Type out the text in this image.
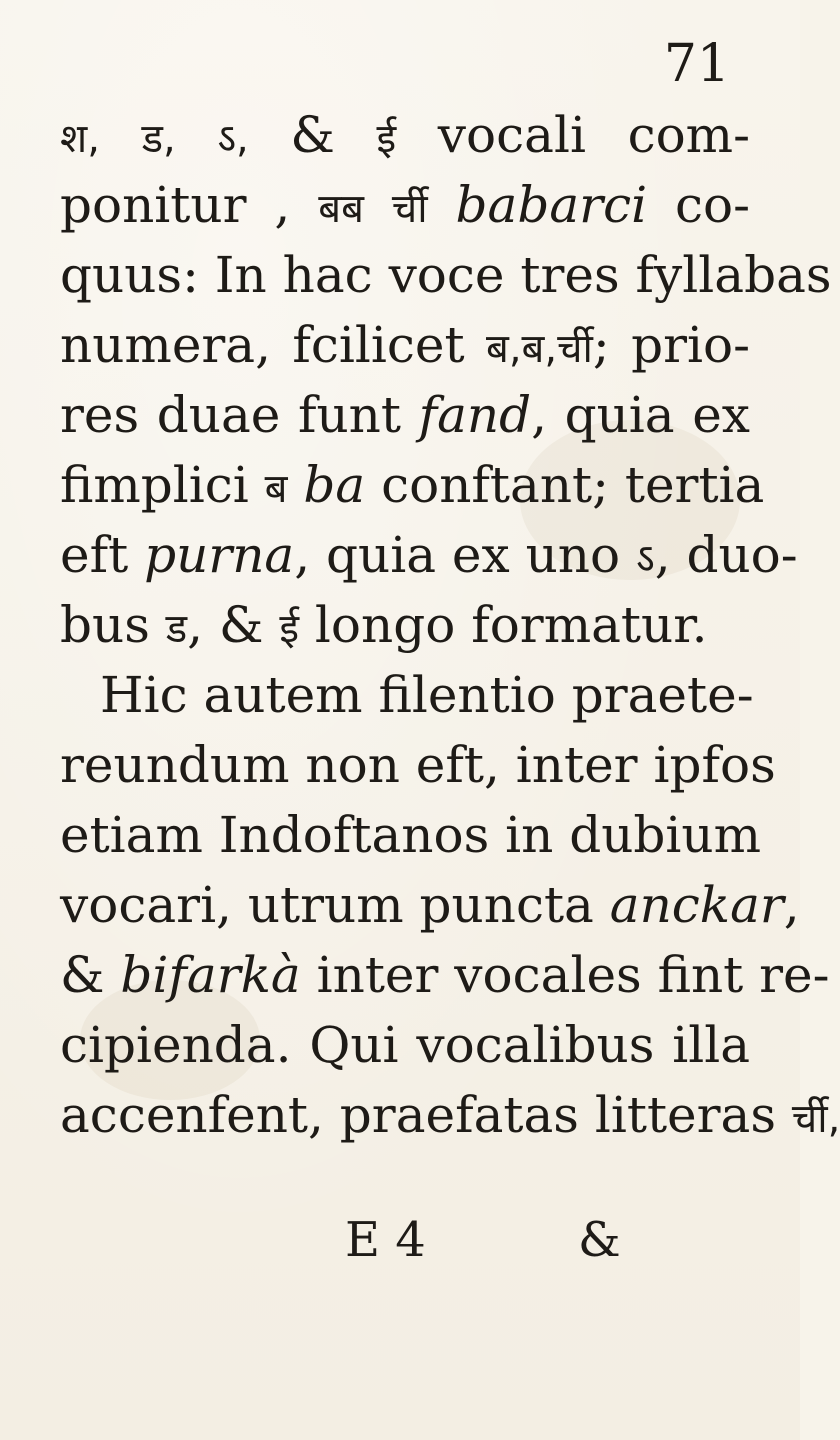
71
श, ड, ऽ, & ई vocali com-
ponitur , बब र्ची babarci co-
quus: In hac voce tres fyllabas
numera, fcilicet ब,ब,र्ची; prio-
res duae funt fand, quia ex
fimplici ब ba conftant; tertia
eft purna, quia ex uno ऽ, duo-
bus ड, & ई longo formatur.
Hic autem filentio praete-
reundum non eft, inter ipfos
etiam Indoftanos in dubium
vocari, utrum puncta anckar,
& bifarkà inter vocales fint re-
cipienda. Qui vocalibus illa
accenfent, praefatas litteras र्ची,
E 4	&
